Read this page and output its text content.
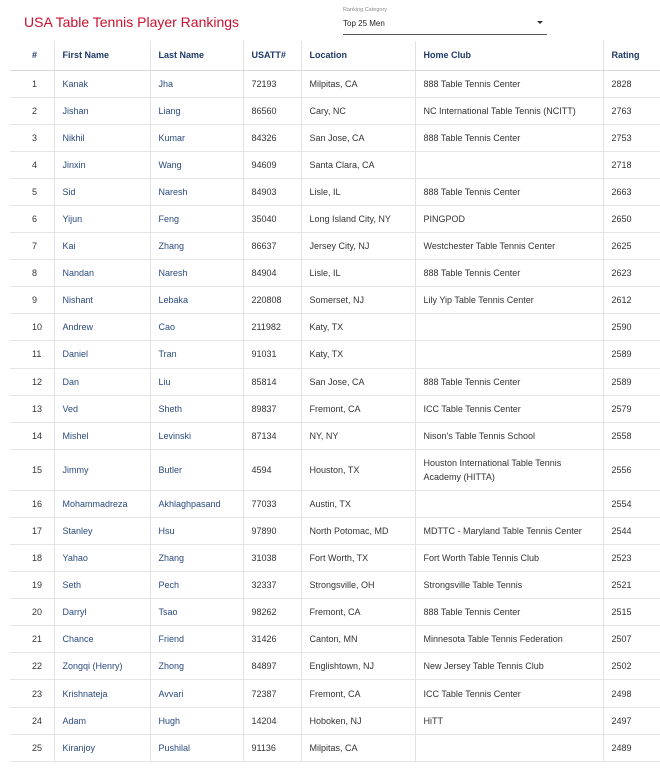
USA Table Tennis Player Rankings
Ranking Category
Top 25 Men
#	First Name	Last Name	USATT#	Location	Home Club	Rating
1	Kanak	Jha	72193	Milpitas, CA	888 Table Tennis Center	2828
2	Jishan	Liang	86560	Cary, NC	NC International Table Tennis (NCITT)	2763
3	Nikhil	Kumar	84326	San Jose, CA	888 Table Tennis Center	2753
4	Jinxin	Wang	94609	Santa Clara, CA		2718
5	Sid	Naresh	84903	Lisle, IL	888 Table Tennis Center	2663
6	Yijun	Feng	35040	Long Island City, NY	PINGPOD	2650
7	Kai	Zhang	86637	Jersey City, NJ	Westchester Table Tennis Center	2625
8	Nandan	Naresh	84904	Lisle, IL	888 Table Tennis Center	2623
9	Nishant	Lebaka	220808	Somerset, NJ	Lily Yip Table Tennis Center	2612
10	Andrew	Cao	211982	Katy, TX		2590
11	Daniel	Tran	91031	Katy, TX		2589
12	Dan	Liu	85814	San Jose, CA	888 Table Tennis Center	2589
13	Ved	Sheth	89837	Fremont, CA	ICC Table Tennis Center	2579
14	Mishel	Levinski	87134	NY, NY	Nison's Table Tennis School	2558
15	Jimmy	Butler	4594	Houston, TX	Houston International Table Tennis Academy (HITTA)	2556
16	Mohammadreza	Akhlaghpasand	77033	Austin, TX		2554
17	Stanley	Hsu	97890	North Potomac, MD	MDTTC - Maryland Table Tennis Center	2544
18	Yahao	Zhang	31038	Fort Worth, TX	Fort Worth Table Tennis Club	2523
19	Seth	Pech	32337	Strongsville, OH	Strongsville Table Tennis	2521
20	Darryl	Tsao	98262	Fremont, CA	888 Table Tennis Center	2515
21	Chance	Friend	31426	Canton, MN	Minnesota Table Tennis Federation	2507
22	Zongqi (Henry)	Zhong	84897	Englishtown, NJ	New Jersey Table Tennis Club	2502
23	Krishnateja	Avvari	72387	Fremont, CA	ICC Table Tennis Center	2498
24	Adam	Hugh	14204	Hoboken, NJ	HiTT	2497
25	Kiranjoy	Pushilal	91136	Milpitas, CA		2489
